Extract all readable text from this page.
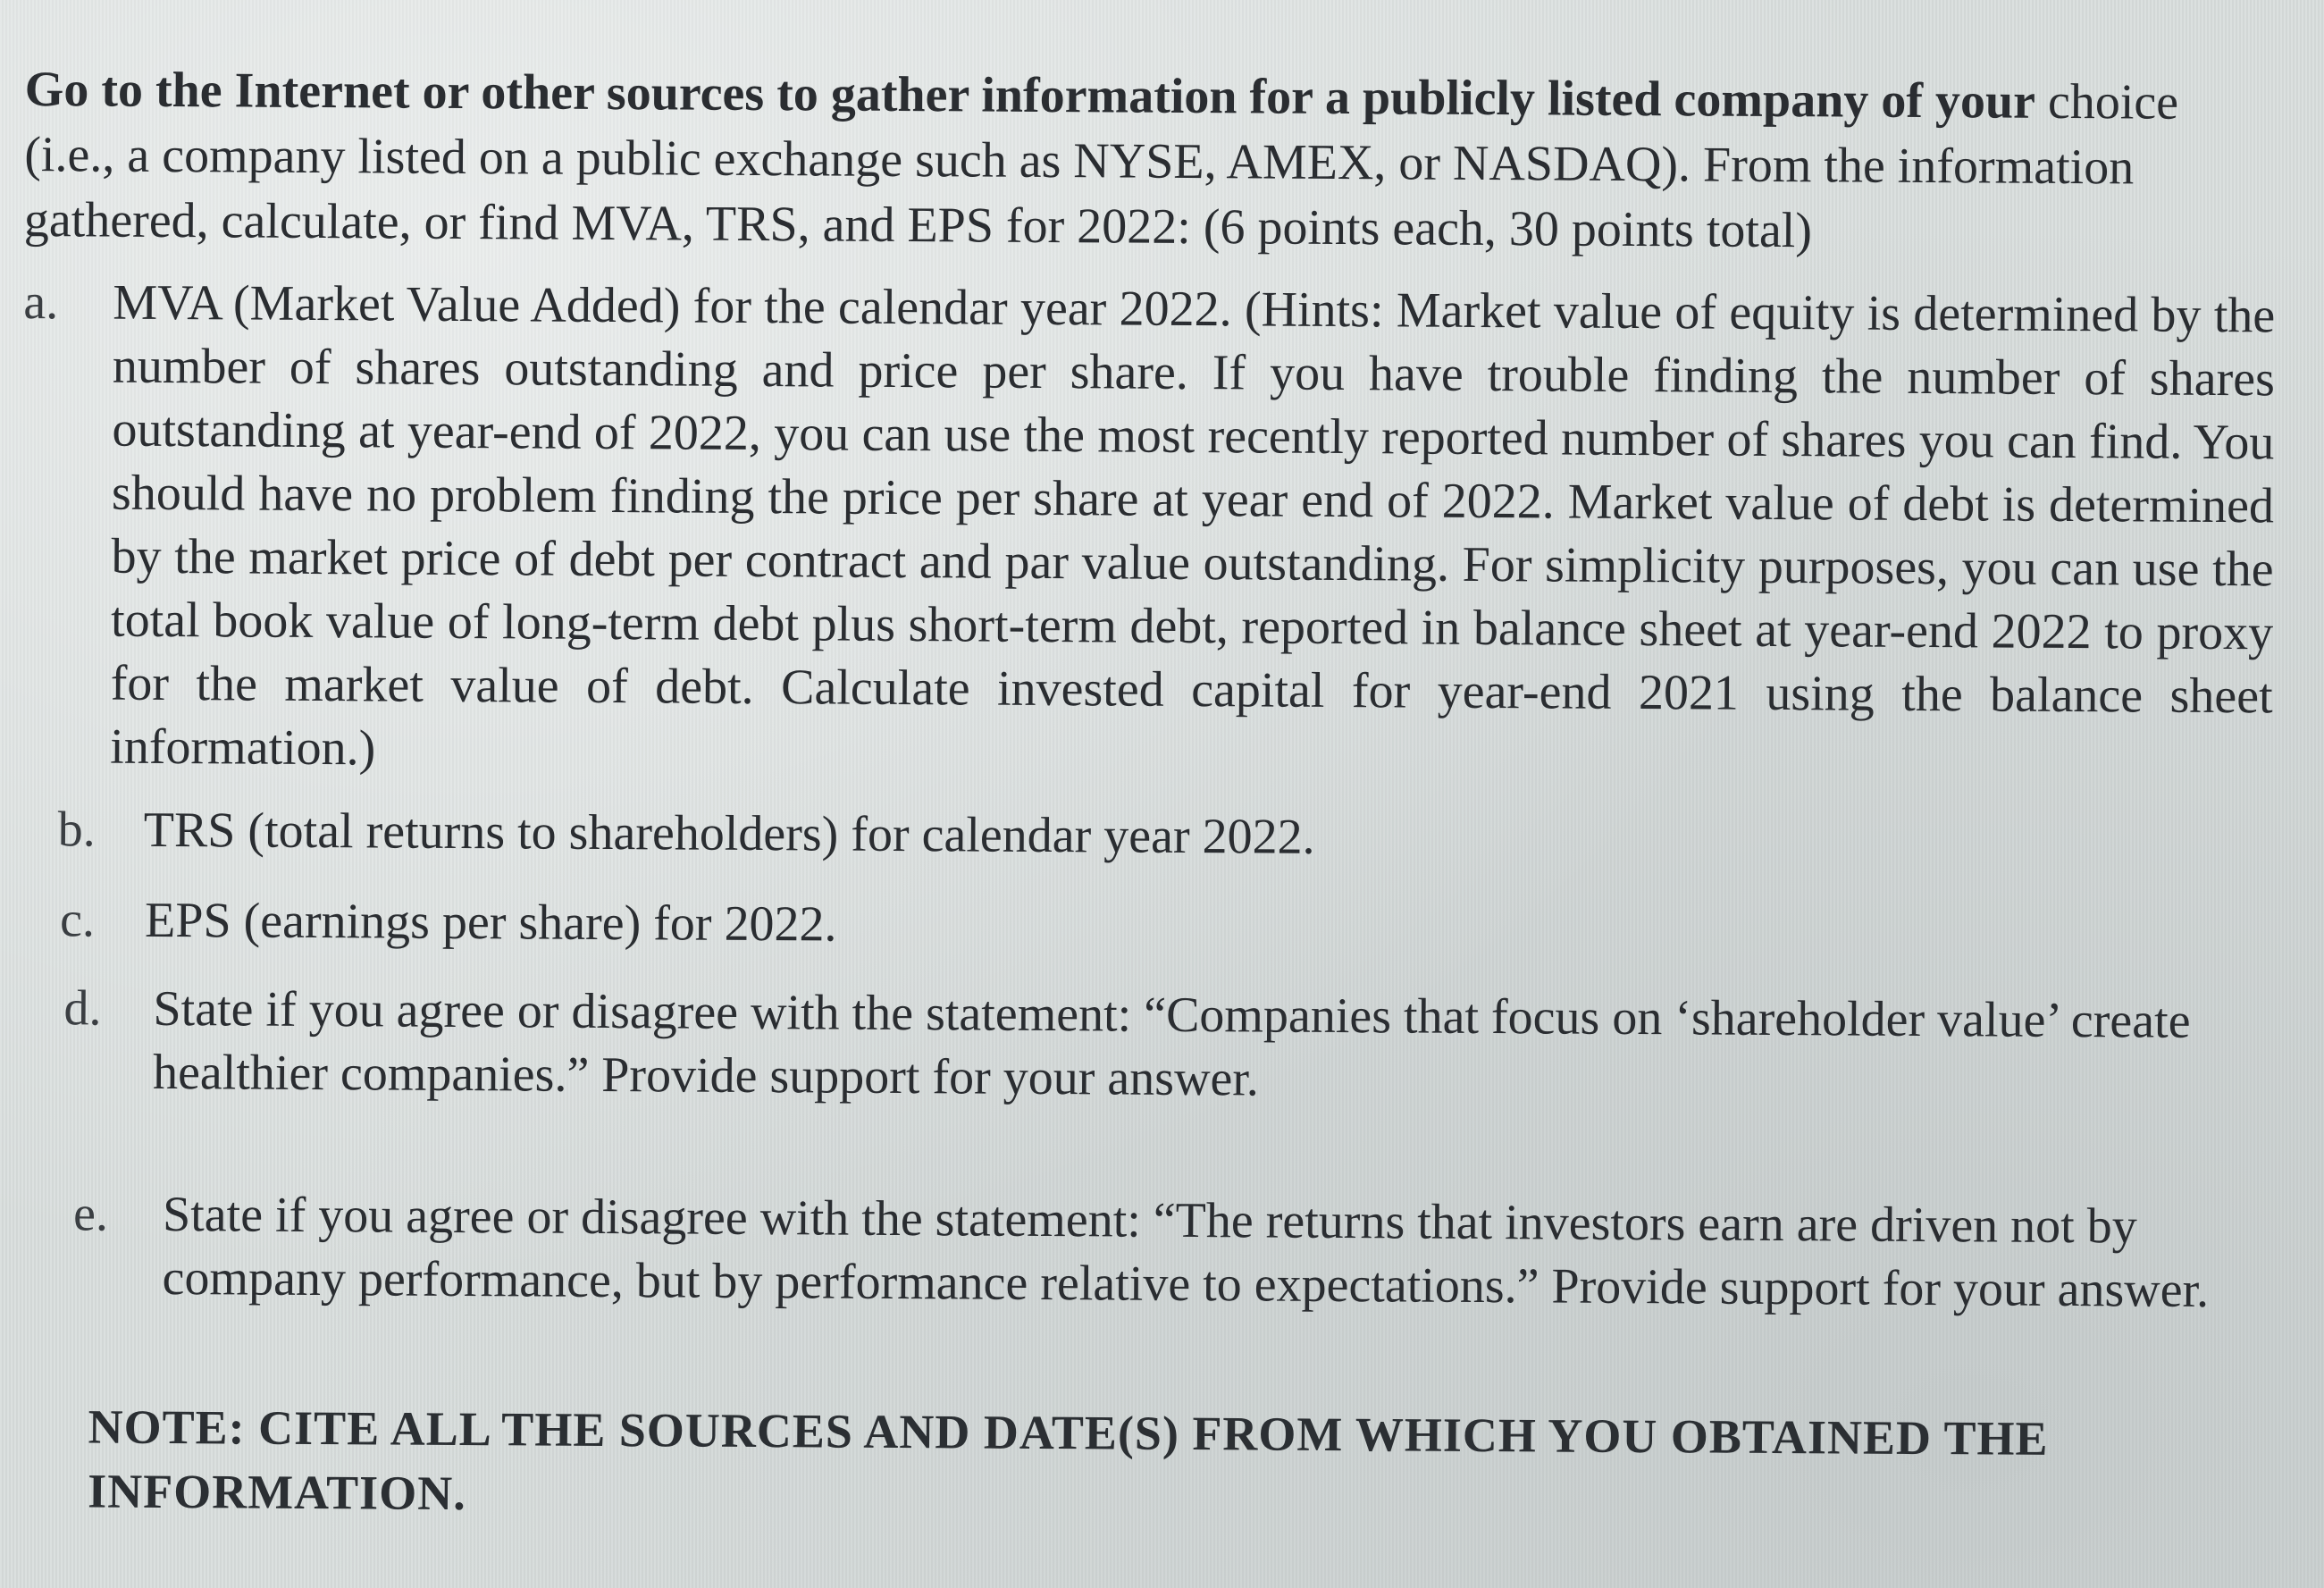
Go to the Internet or other sources to gather information for a publicly listed company of your choice (i.e., a company listed on a public exchange such as NYSE, AMEX, or NASDAQ). From the information gathered, calculate, or find MVA, TRS, and EPS for 2022: (6 points each, 30 points total)

a.	MVA (Market Value Added) for the calendar year 2022. (Hints: Market value of equity is determined by the number of shares outstanding and price per share. If you have trouble finding the number of shares outstanding at year-end of 2022, you can use the most recently reported number of shares you can find. You should have no problem finding the price per share at year end of 2022. Market value of debt is determined by the market price of debt per contract and par value outstanding. For simplicity purposes, you can use the total book value of long-term debt plus short-term debt, reported in balance sheet at year-end 2022 to proxy for the market value of debt. Calculate invested capital for year-end 2021 using the balance sheet information.)
b. TRS (total returns to shareholders) for calendar year 2022.
c. EPS (earnings per share) for 2022.
d.	State if you agree or disagree with the statement: “Companies that focus on ‘shareholder value’ create healthier companies.” Provide support for your answer.
e.	State if you agree or disagree with the statement: “The returns that investors earn are driven not by company performance, but by performance relative to expectations.” Provide support for your answer.

NOTE: CITE ALL THE SOURCES AND DATE(S) FROM WHICH YOU OBTAINED THE INFORMATION.
